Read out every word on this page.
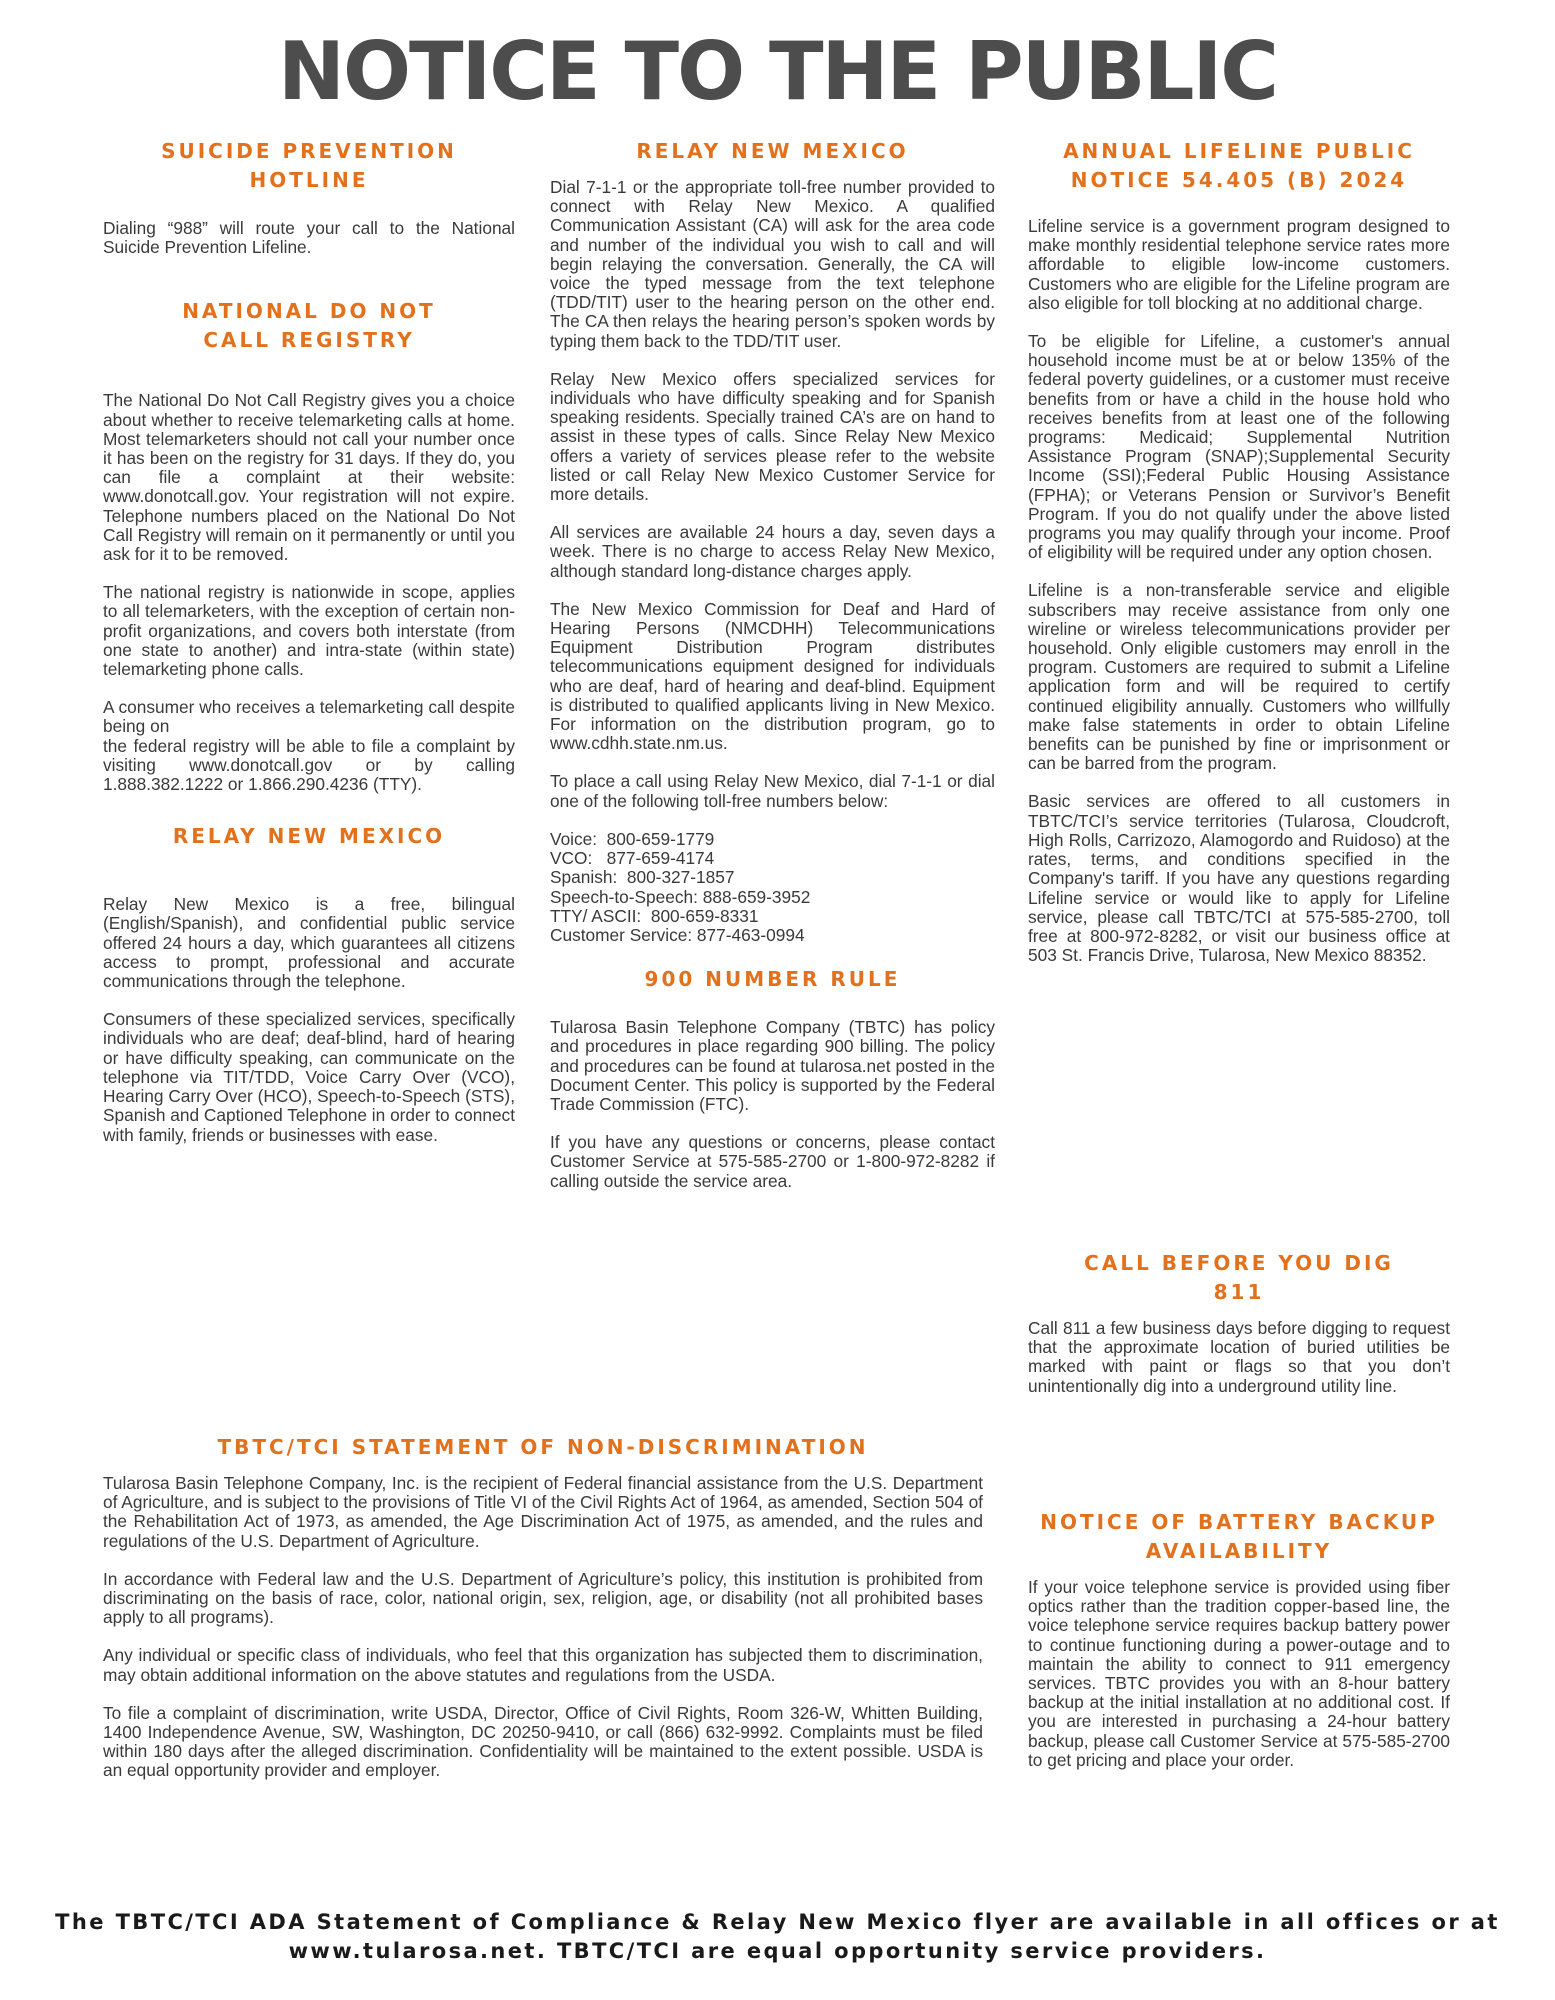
NOTICE TO THE PUBLIC
SUICIDE PREVENTION HOTLINE

Dialing “988” will route your call to the National Suicide Prevention Lifeline.

NATIONAL DO NOT CALL REGISTRY

The National Do Not Call Registry gives you a choice about whether to receive telemarketing calls at home. Most telemarketers should not call your number once it has been on the registry for 31 days. If they do, you can file a complaint at their website: www.donotcall.gov. Your registration will not expire. Telephone numbers placed on the National Do Not Call Registry will remain on it permanently or until you ask for it to be removed.

The national registry is nationwide in scope, applies to all telemarketers, with the exception of certain non-profit organizations, and covers both interstate (from one state to another) and intra-state (within state) telemarketing phone calls.

A consumer who receives a telemarketing call despite being on
the federal registry will be able to file a complaint by visiting www.donotcall.gov or by calling 1.888.382.1222 or 1.866.290.4236 (TTY).

RELAY NEW MEXICO

Relay New Mexico is a free, bilingual (English/Spanish), and confidential public service offered 24 hours a day, which guarantees all citizens access to prompt, professional and accurate communications through the telephone.

Consumers of these specialized services, specifically individuals who are deaf; deaf-blind, hard of hearing or have difficulty speaking, can communicate on the telephone via TIT/TDD, Voice Carry Over (VCO), Hearing Carry Over (HCO), Speech-to-Speech (STS), Spanish and Captioned Telephone in order to connect with family, friends or businesses with ease.

RELAY NEW MEXICO

Dial 7-1-1 or the appropriate toll-free number provided to connect with Relay New Mexico. A qualified Communication Assistant (CA) will ask for the area code and number of the individual you wish to call and will begin relaying the conversation. Generally, the CA will voice the typed message from the text telephone (TDD/TIT) user to the hearing person on the other end. The CA then relays the hearing person’s spoken words by typing them back to the TDD/TIT user.

Relay New Mexico offers specialized services for individuals who have difficulty speaking and for Spanish speaking residents. Specially trained CA’s are on hand to assist in these types of calls. Since Relay New Mexico offers a variety of services please refer to the website listed or call Relay New Mexico Customer Service for more details.

All services are available 24 hours a day, seven days a week. There is no charge to access Relay New Mexico, although standard long-distance charges apply.

The New Mexico Commission for Deaf and Hard of Hearing Persons (NMCDHH) Telecommunications Equipment Distribution Program distributes telecommunications equipment designed for individuals who are deaf, hard of hearing and deaf-blind. Equipment is distributed to qualified applicants living in New Mexico. For information on the distribution program, go to www.cdhh.state.nm.us.

To place a call using Relay New Mexico, dial 7-1-1 or dial one of the following toll-free numbers below:

Voice:  800-659-1779
VCO:   877-659-4174
Spanish:  800-327-1857
Speech-to-Speech: 888-659-3952
TTY/ ASCII:  800-659-8331
Customer Service: 877-463-0994
900 NUMBER RULE

Tularosa Basin Telephone Company (TBTC) has policy and procedures in place regarding 900 billing. The policy and procedures can be found at tularosa.net posted in the Document Center. This policy is supported by the Federal Trade Commission (FTC).

If you have any questions or concerns, please contact Customer Service at 575-585-2700 or 1-800-972-8282 if calling outside the service area.

ANNUAL LIFELINE PUBLIC NOTICE 54.405 (B) 2024

Lifeline service is a government program designed to make monthly residential telephone service rates more affordable to eligible low-income customers. Customers who are eligible for the Lifeline program are also eligible for toll blocking at no additional charge.

To be eligible for Lifeline, a customer's annual household income must be at or below 135% of the federal poverty guidelines, or a customer must receive benefits from or have a child in the house hold who receives benefits from at least one of the following programs: Medicaid; Supplemental Nutrition Assistance Program (SNAP);Supplemental Security Income (SSI);Federal Public Housing Assistance (FPHA); or Veterans Pension or Survivor’s Benefit Program. If you do not qualify under the above listed programs you may qualify through your income. Proof of eligibility will be required under any option chosen.

Lifeline is a non-transferable service and eligible subscribers may receive assistance from only one wireline or wireless telecommunications provider per household. Only eligible customers may enroll in the program. Customers are required to submit a Lifeline application form and will be required to certify continued eligibility annually. Customers who willfully make false statements in order to obtain Lifeline benefits can be punished by fine or imprisonment or can be barred from the program.

Basic services are offered to all customers in TBTC/TCI’s service territories (Tularosa, Cloudcroft, High Rolls, Carrizozo, Alamogordo and Ruidoso) at the rates, terms, and conditions specified in the Company's tariff. If you have any questions regarding Lifeline service or would like to apply for Lifeline service, please call TBTC/TCI at 575-585-2700, toll free at 800-972-8282, or visit our business office at 503 St. Francis Drive, Tularosa, New Mexico 88352.

CALL BEFORE YOU DIG 811

Call 811 a few business days before digging to request that the approximate location of buried utilities be marked with paint or flags so that you don’t unintentionally dig into a underground utility line.

NOTICE OF BATTERY BACKUP AVAILABILITY

If your voice telephone service is provided using fiber optics rather than the tradition copper-based line, the voice telephone service requires backup battery power to continue functioning during a power-outage and to maintain the ability to connect to 911 emergency services. TBTC provides you with an 8-hour battery backup at the initial installation at no additional cost. If you are interested in purchasing a 24-hour battery backup, please call Customer Service at 575-585-2700 to get pricing and place your order.

TBTC/TCI STATEMENT OF NON-DISCRIMINATION

Tularosa Basin Telephone Company, Inc. is the recipient of Federal financial assistance from the U.S. Department of Agriculture, and is subject to the provisions of Title VI of the Civil Rights Act of 1964, as amended, Section 504 of the Rehabilitation Act of 1973, as amended, the Age Discrimination Act of 1975, as amended, and the rules and regulations of the U.S. Department of Agriculture.

In accordance with Federal law and the U.S. Department of Agriculture’s policy, this institution is prohibited from discriminating on the basis of race, color, national origin, sex, religion, age, or disability (not all prohibited bases apply to all programs).

Any individual or specific class of individuals, who feel that this organization has subjected them to discrimination, may obtain additional information on the above statutes and regulations from the USDA.

To file a complaint of discrimination, write USDA, Director, Office of Civil Rights, Room 326-W, Whitten Building, 1400 Independence Avenue, SW, Washington, DC 20250-9410, or call (866) 632-9992. Complaints must be filed within 180 days after the alleged discrimination. Confidentiality will be maintained to the extent possible. USDA is an equal opportunity provider and employer.

The TBTC/TCI ADA Statement of Compliance & Relay New Mexico flyer are available in all offices or at www.tularosa.net. TBTC/TCI are equal opportunity service providers.
